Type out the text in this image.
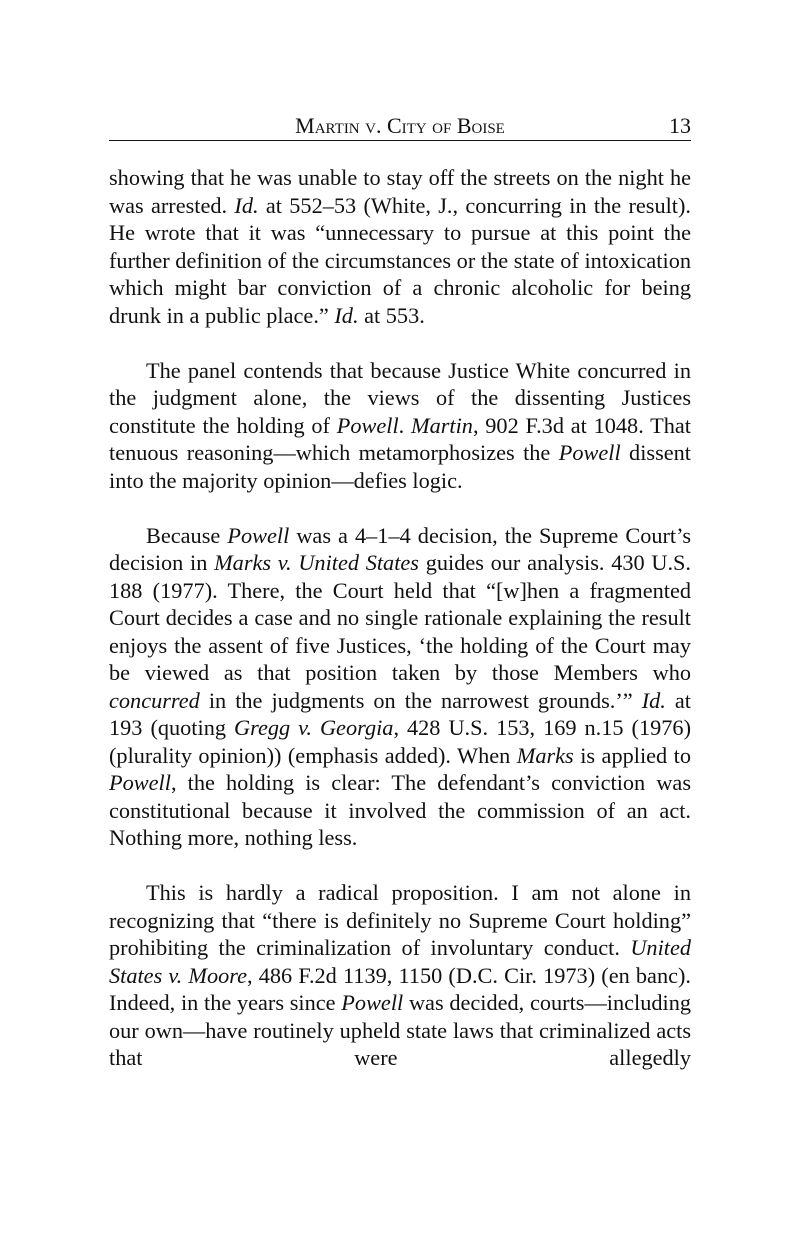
Martin v. City of Boise	13

showing that he was unable to stay off the streets on the night he was arrested. Id. at 552–53 (White, J., concurring in the result). He wrote that it was “unnecessary to pursue at this point the further definition of the circumstances or the state of intoxication which might bar conviction of a chronic alcoholic for being drunk in a public place.” Id. at 553.

The panel contends that because Justice White concurred in the judgment alone, the views of the dissenting Justices constitute the holding of Powell. Martin, 902 F.3d at 1048. That tenuous reasoning—which metamorphosizes the Powell dissent into the majority opinion—defies logic.

Because Powell was a 4–1–4 decision, the Supreme Court’s decision in Marks v. United States guides our analysis. 430 U.S. 188 (1977). There, the Court held that “[w]hen a fragmented Court decides a case and no single rationale explaining the result enjoys the assent of five Justices, ‘the holding of the Court may be viewed as that position taken by those Members who concurred in the judgments on the narrowest grounds.’” Id. at 193 (quoting Gregg v. Georgia, 428 U.S. 153, 169 n.15 (1976) (plurality opinion)) (emphasis added). When Marks is applied to Powell, the holding is clear: The defendant’s conviction was constitutional because it involved the commission of an act. Nothing more, nothing less.

This is hardly a radical proposition. I am not alone in recognizing that “there is definitely no Supreme Court holding” prohibiting the criminalization of involuntary conduct. United States v. Moore, 486 F.2d 1139, 1150 (D.C. Cir. 1973) (en banc). Indeed, in the years since Powell was decided, courts—including our own—have routinely upheld state laws that criminalized acts that were allegedly
